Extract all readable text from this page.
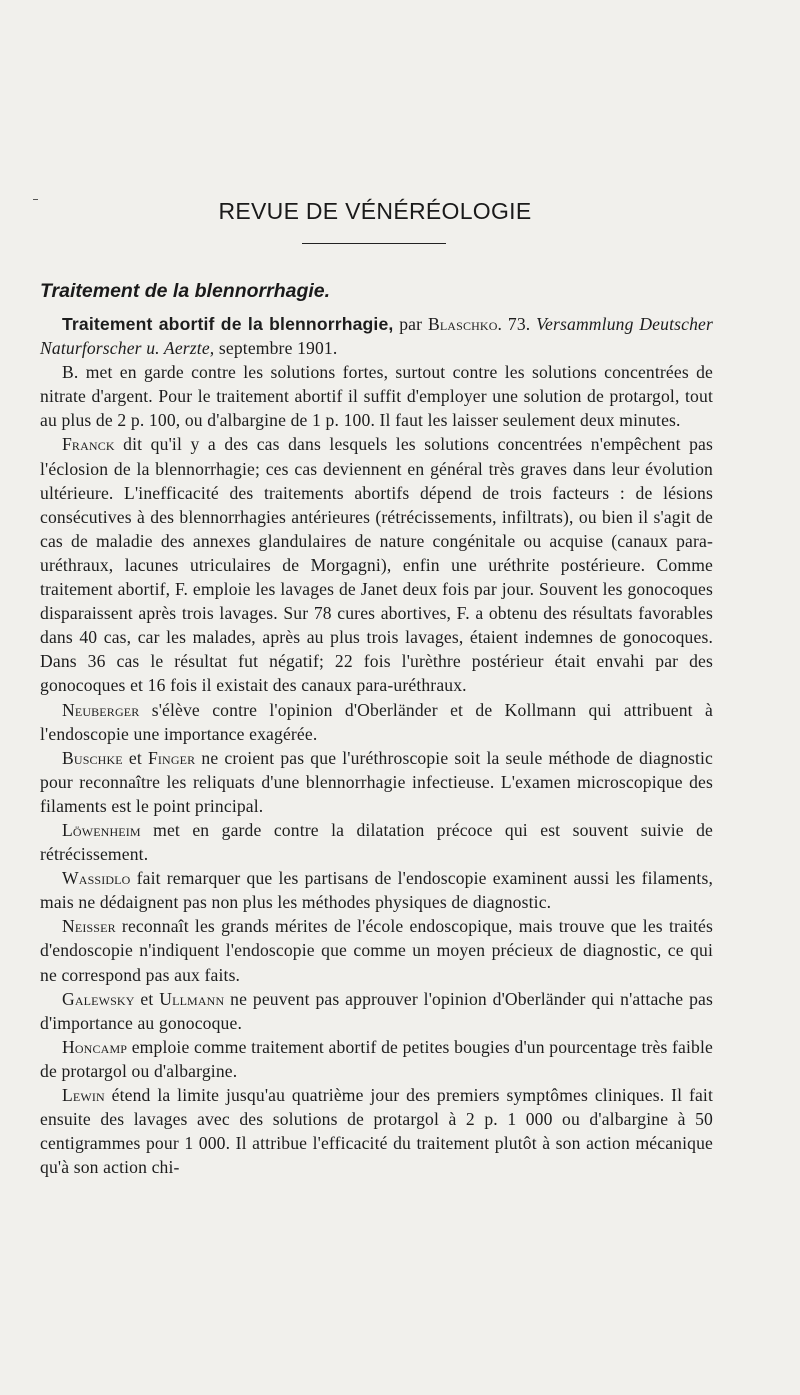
REVUE DE VÉNÉRÉOLOGIE
Traitement de la blennorrhagie.

Traitement abortif de la blennorrhagie, par Blaschko. 73. Versammlung Deutscher Naturforscher u. Aerzte, septembre 1901.

B. met en garde contre les solutions fortes, surtout contre les solutions concentrées de nitrate d'argent. Pour le traitement abortif il suffit d'employer une solution de protargol, tout au plus de 2 p. 100, ou d'albargine de 1 p. 100. Il faut les laisser seulement deux minutes.

Franck dit qu'il y a des cas dans lesquels les solutions concentrées n'empêchent pas l'éclosion de la blennorrhagie; ces cas deviennent en général très graves dans leur évolution ultérieure. L'inefficacité des traitements abortifs dépend de trois facteurs : de lésions consécutives à des blennorrhagies antérieures (rétrécissements, infiltrats), ou bien il s'agit de cas de maladie des annexes glandulaires de nature congénitale ou acquise (canaux para-uréthraux, lacunes utriculaires de Morgagni), enfin une uréthrite postérieure. Comme traitement abortif, F. emploie les lavages de Janet deux fois par jour. Souvent les gonocoques disparaissent après trois lavages. Sur 78 cures abortives, F. a obtenu des résultats favorables dans 40 cas, car les malades, après au plus trois lavages, étaient indemnes de gonocoques. Dans 36 cas le résultat fut négatif; 22 fois l'urèthre postérieur était envahi par des gonocoques et 16 fois il existait des canaux para-uréthraux.

Neuberger s'élève contre l'opinion d'Oberländer et de Kollmann qui attribuent à l'endoscopie une importance exagérée.

Buschke et Finger ne croient pas que l'uréthroscopie soit la seule méthode de diagnostic pour reconnaître les reliquats d'une blennorrhagie infectieuse. L'examen microscopique des filaments est le point principal.

Löwenheim met en garde contre la dilatation précoce qui est souvent suivie de rétrécissement.

Wassidlo fait remarquer que les partisans de l'endoscopie examinent aussi les filaments, mais ne dédaignent pas non plus les méthodes physiques de diagnostic.

Neisser reconnaît les grands mérites de l'école endoscopique, mais trouve que les traités d'endoscopie n'indiquent l'endoscopie que comme un moyen précieux de diagnostic, ce qui ne correspond pas aux faits.

Galewsky et Ullmann ne peuvent pas approuver l'opinion d'Oberländer qui n'attache pas d'importance au gonocoque.

Honcamp emploie comme traitement abortif de petites bougies d'un pourcentage très faible de protargol ou d'albargine.

Lewin étend la limite jusqu'au quatrième jour des premiers symptômes cliniques. Il fait ensuite des lavages avec des solutions de protargol à 2 p. 1 000 ou d'albargine à 50 centigrammes pour 1 000. Il attribue l'efficacité du traitement plutôt à son action mécanique qu'à son action chi-
